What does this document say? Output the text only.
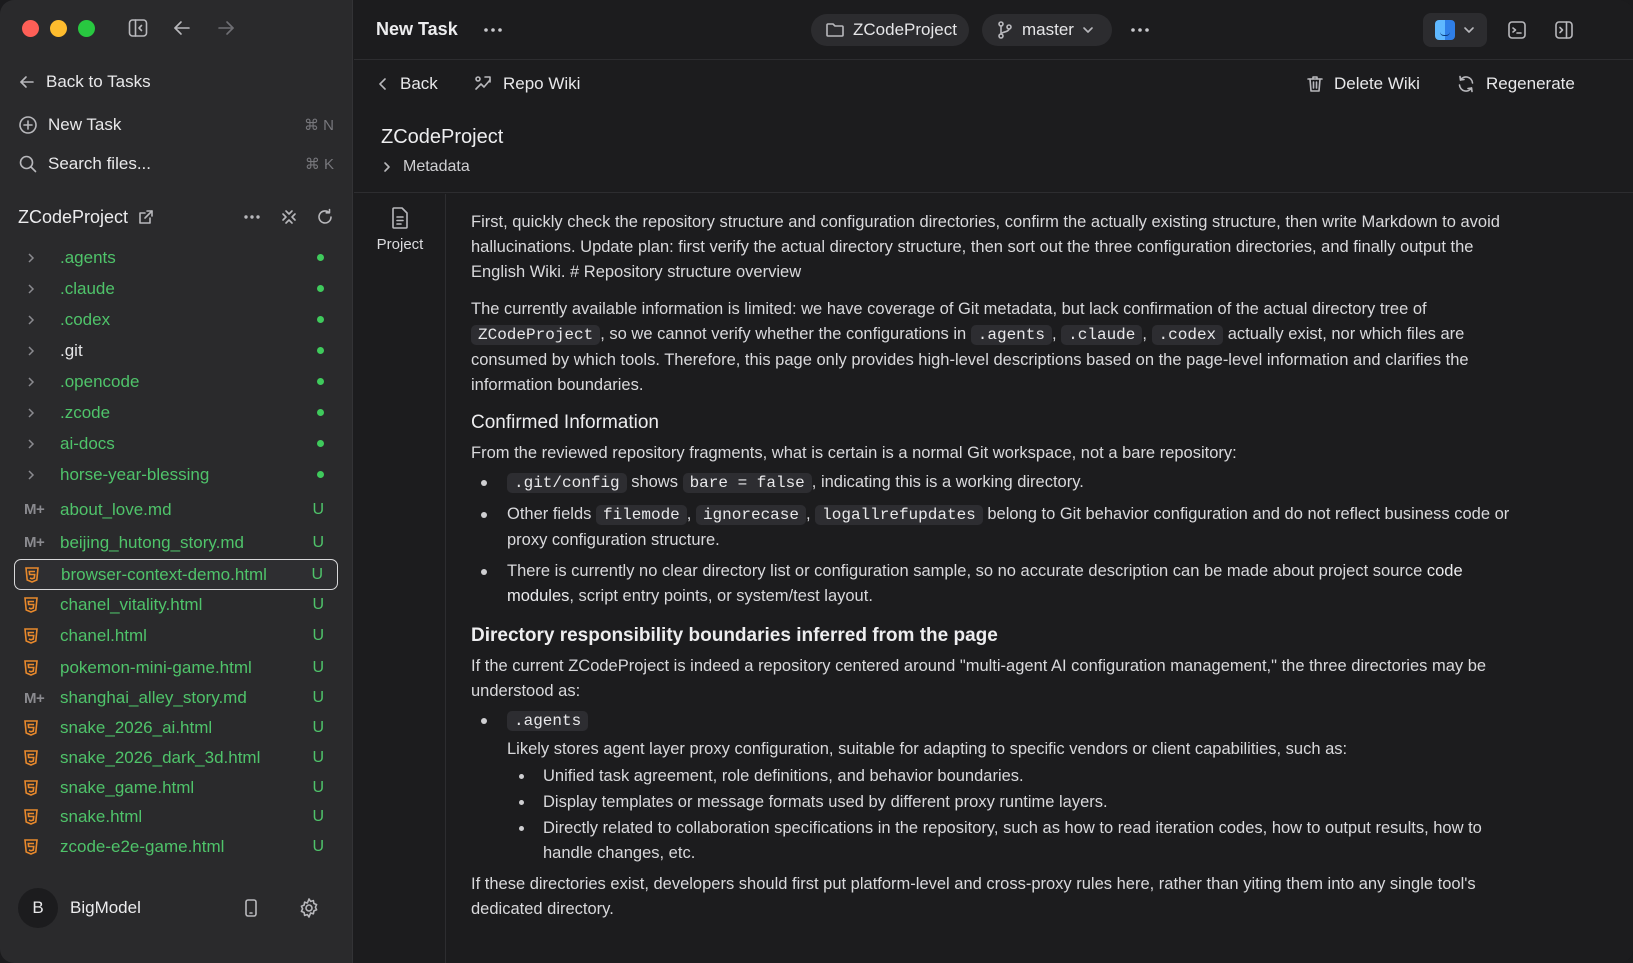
Back to Tasks
New Task	⌘ N
Search files...	⌘ K
ZCodeProject
.agents
.claude
.codex
.git
.opencode
.zcode
ai-docs
horse-year-blessing
M+ about_love.md	U
M+ beijing_hutong_story.md	U
browser-context-demo.html	U
chanel_vitality.html	U
chanel.html	U
pokemon-mini-game.html	U
M+ shanghai_alley_story.md	U
snake_2026_ai.html	U
snake_2026_dark_3d.html	U
snake_game.html	U
snake.html	U
zcode-e2e-game.html	U
B	BigModel
New Task	ZCodeProject	master
Back	Repo Wiki	Delete Wiki	Regenerate
ZCodeProject
Metadata
Project

First, quickly check the repository structure and configuration directories, confirm the actually existing structure, then write Markdown to avoid hallucinations. Update plan: first verify the actual directory structure, then sort out the three configuration directories, and finally output the English Wiki. # Repository structure overview

The currently available information is limited: we have coverage of Git metadata, but lack confirmation of the actual directory tree of ZCodeProject , so we cannot verify whether the configurations in .agents , .claude , .codex actually exist, nor which files are consumed by which tools. Therefore, this page only provides high-level descriptions based on the page-level information and clarifies the information boundaries.

Confirmed Information

From the reviewed repository fragments, what is certain is a normal Git workspace, not a bare repository:

.git/config shows bare = false , indicating this is a working directory.
Other fields filemode , ignorecase , logallrefupdates belong to Git behavior configuration and do not reflect business code or proxy configuration structure.
There is currently no clear directory list or configuration sample, so no accurate description can be made about project source code modules, script entry points, or system/test layout.
Directory responsibility boundaries inferred from the page

If the current ZCodeProject is indeed a repository centered around "multi-agent AI configuration management," the three directories may be understood as:

.agents
Likely stores agent layer proxy configuration, suitable for adapting to specific vendors or client capabilities, such as:
Unified task agreement, role definitions, and behavior boundaries.
Display templates or message formats used by different proxy runtime layers.
Directly related to collaboration specifications in the repository, such as how to read iteration codes, how to output results, how to handle changes, etc.

If these directories exist, developers should first put platform-level and cross-proxy rules here, rather than yiting them into any single tool's dedicated directory.
